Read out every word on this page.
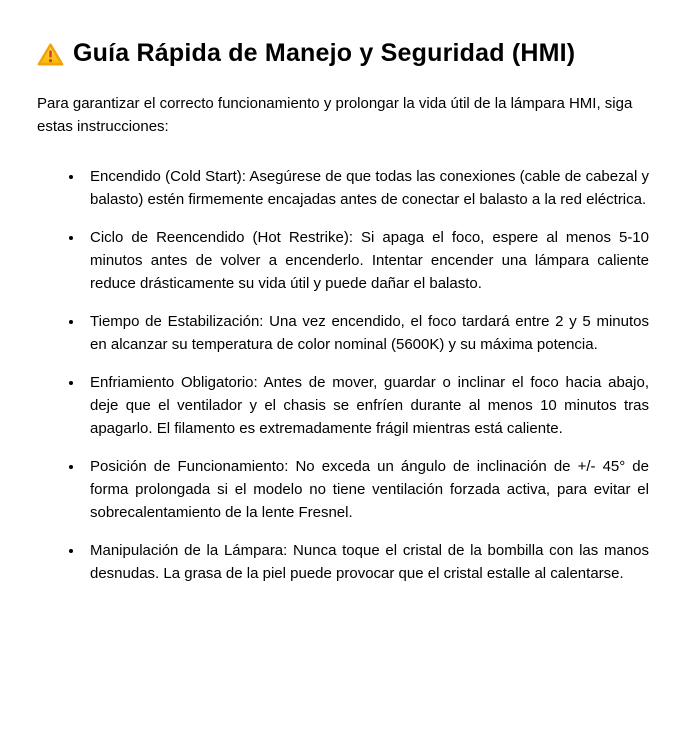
Guía Rápida de Manejo y Seguridad (HMI)

Para garantizar el correcto funcionamiento y prolongar la vida útil de la lámpara HMI, siga estas instrucciones:

• Encendido (Cold Start): Asegúrese de que todas las conexiones (cable de cabezal y balasto) estén firmemente encajadas antes de conectar el balasto a la red eléctrica.
• Ciclo de Reencendido (Hot Restrike): Si apaga el foco, espere al menos 5-10 minutos antes de volver a encenderlo. Intentar encender una lámpara caliente reduce drásticamente su vida útil y puede dañar el balasto.
• Tiempo de Estabilización: Una vez encendido, el foco tardará entre 2 y 5 minutos en alcanzar su temperatura de color nominal (5600K) y su máxima potencia.
• Enfriamiento Obligatorio: Antes de mover, guardar o inclinar el foco hacia abajo, deje que el ventilador y el chasis se enfríen durante al menos 10 minutos tras apagarlo. El filamento es extremadamente frágil mientras está caliente.
• Posición de Funcionamiento: No exceda un ángulo de inclinación de +/- 45° de forma prolongada si el modelo no tiene ventilación forzada activa, para evitar el sobrecalentamiento de la lente Fresnel.
• Manipulación de la Lámpara: Nunca toque el cristal de la bombilla con las manos desnudas. La grasa de la piel puede provocar que el cristal estalle al calentarse.
